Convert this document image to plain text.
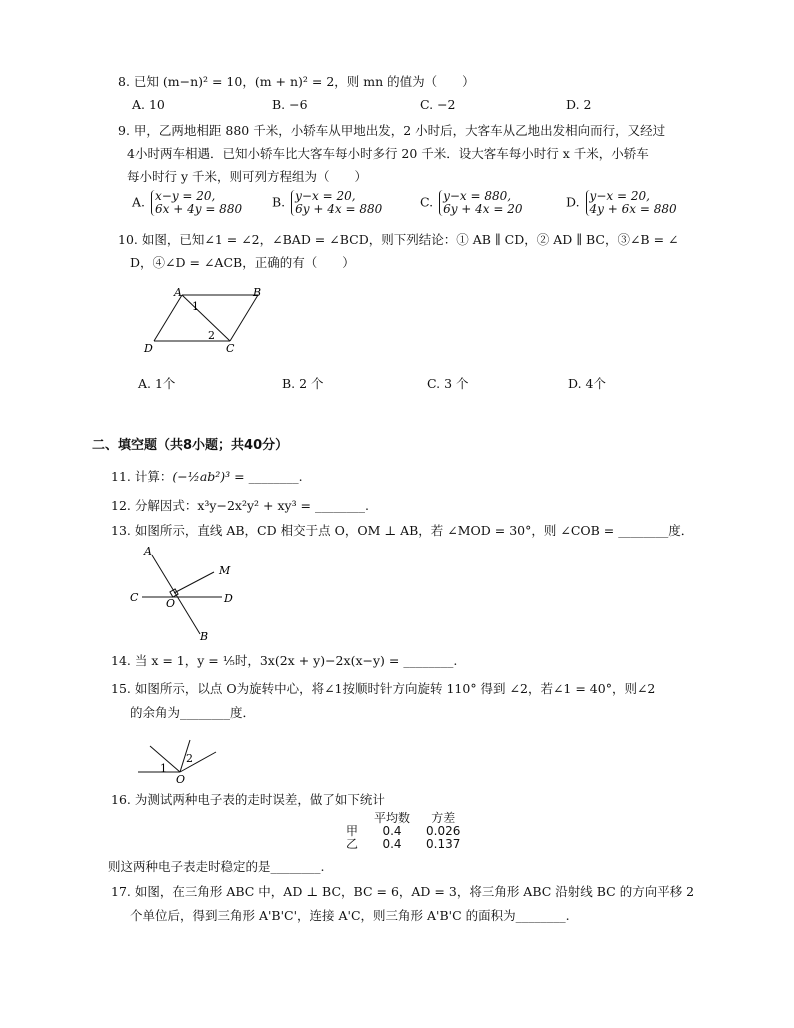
8. 已知 (m−n)² = 10，(m + n)² = 2，则 mn 的值为（　　）
A. 10	B. −6	C. −2	D. 2
9. 甲，乙两地相距 880 千米，小轿车从甲地出发，2 小时后，大客车从乙地出发相向而行，又经过
4小时两车相遇．已知小轿车比大客车每小时多行 20 千米．设大客车每小时行 x 千米，小轿车
每小时行 y 千米，则可列方程组为（　　）
A. x−y = 20,
6x + 4y = 880 B. y−x = 20,
6y + 4x = 880	C. y−x = 880,
6y + 4x = 20	D. y−x = 20,
4y + 6x = 880
10. 如图，已知∠1 = ∠2，∠BAD = ∠BCD，则下列结论：① AB ∥ CD，② AD ∥ BC，③∠B = ∠
D，④∠D = ∠ACB，正确的有（　　）
A	B
C
D
1
2
A. 1个	B. 2 个	C. 3 个	D. 4个
二、填空题（共8小题；共40分）
11. 计算：(−½ab²)³ = ________.
12. 分解因式：x³y−2x²y² + xy³ = ________.
13. 如图所示，直线 AB，CD 相交于点 O，OM ⊥ AB，若 ∠MOD = 30°，则 ∠COB = ________度．
A
M
C	O	D
B
14. 当 x = 1，y = ⅕时，3x(2x + y)−2x(x−y) = ________.
15. 如图所示，以点 O为旋转中心，将∠1按顺时针方向旋转 110° 得到 ∠2，若∠1 = 40°，则∠2
的余角为________度．
1
2
O
16. 为测试两种电子表的走时误差，做了如下统计
	平均数	方差
甲	0.4	0.026
乙	0.4	0.137
则这两种电子表走时稳定的是________.
17. 如图，在三角形 ABC 中，AD ⊥ BC，BC = 6，AD = 3，将三角形 ABC 沿射线 BC 的方向平移 2
个单位后，得到三角形 A'B'C'，连接 A'C，则三角形 A'B'C 的面积为________.
